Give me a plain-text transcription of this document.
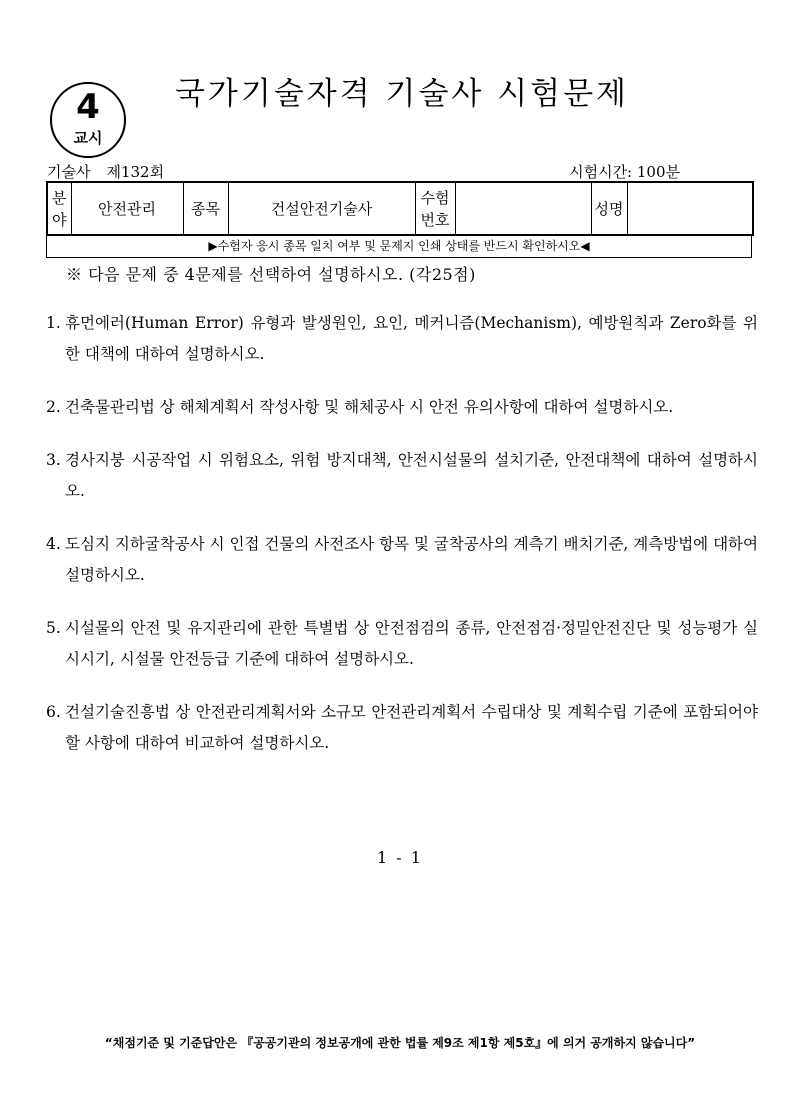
4
교시
국가기술자격 기술사 시험문제
기술사 제132회	시험시간: 100분
분야	안전관리	종목	건설안전기술사	수험번호		성명	
▶수험자 응시 종목 일치 여부 및 문제지 인쇄 상태를 반드시 확인하시오◀
※ 다음 문제 중 4문제를 선택하여 설명하시오. (각25점)
1. 휴먼에러(Human Error) 유형과 발생원인, 요인, 메커니즘(Mechanism), 예방원칙과 Zero화를 위한 대책에 대하여 설명하시오.
2. 건축물관리법 상 해체계획서 작성사항 및 해체공사 시 안전 유의사항에 대하여 설명하시오.
3. 경사지붕 시공작업 시 위험요소, 위험 방지대책, 안전시설물의 설치기준, 안전대책에 대하여 설명하시오.
4. 도심지 지하굴착공사 시 인접 건물의 사전조사 항목 및 굴착공사의 계측기 배치기준, 계측방법에 대하여 설명하시오.
5. 시설물의 안전 및 유지관리에 관한 특별법 상 안전점검의 종류, 안전점검·정밀안전진단 및 성능평가 실시시기, 시설물 안전등급 기준에 대하여 설명하시오.
6. 건설기술진흥법 상 안전관리계획서와 소규모 안전관리계획서 수립대상 및 계획수립 기준에 포함되어야 할 사항에 대하여 비교하여 설명하시오.
1 - 1
“채점기준 및 기준답안은 『공공기관의 정보공개에 관한 법률 제9조 제1항 제5호』에 의거 공개하지 않습니다”
